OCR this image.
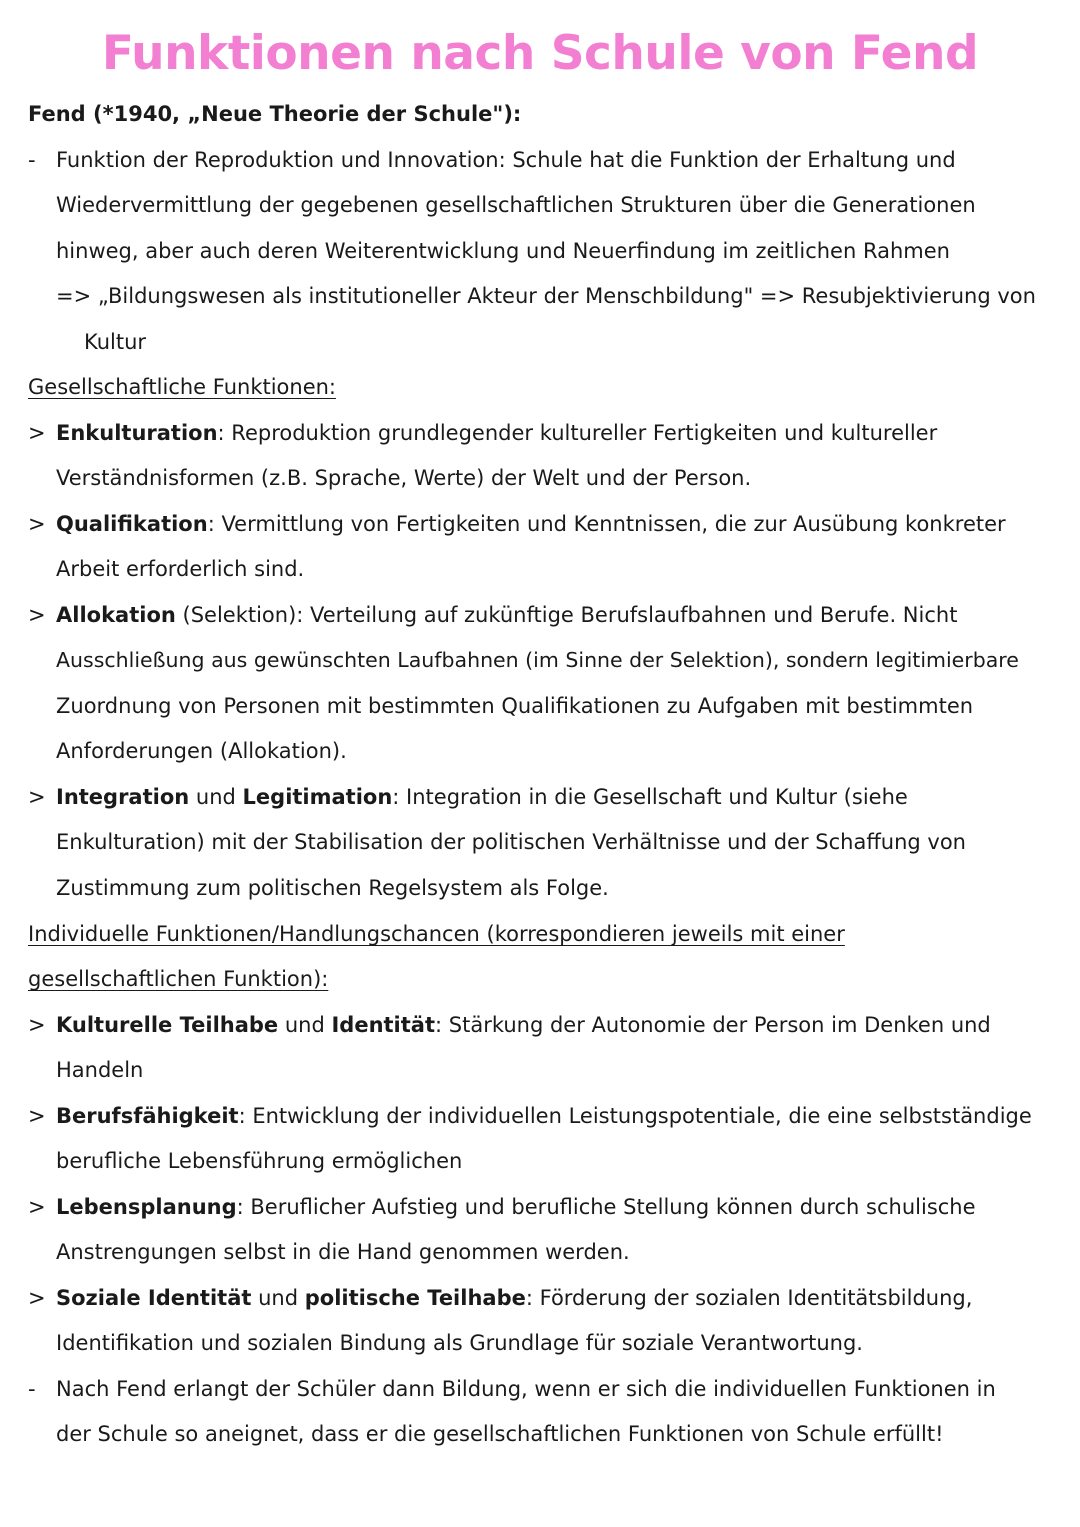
Funktionen nach Schule von Fend
Fend (*1940, „Neue Theorie der Schule"):
- Funktion der Reproduktion und Innovation: Schule hat die Funktion der Erhaltung und
Wiedervermittlung der gegebenen gesellschaftlichen Strukturen über die Generationen
hinweg, aber auch deren Weiterentwicklung und Neuerfindung im zeitlichen Rahmen
=> „Bildungswesen als institutioneller Akteur der Menschbildung" => Resubjektivierung von
Kultur
Gesellschaftliche Funktionen:
> Enkulturation: Reproduktion grundlegender kultureller Fertigkeiten und kultureller
Verständnisformen (z.B. Sprache, Werte) der Welt und der Person.
> Qualifikation: Vermittlung von Fertigkeiten und Kenntnissen, die zur Ausübung konkreter
Arbeit erforderlich sind.
> Allokation (Selektion): Verteilung auf zukünftige Berufslaufbahnen und Berufe. Nicht
Ausschließung aus gewünschten Laufbahnen (im Sinne der Selektion), sondern legitimierbare
Zuordnung von Personen mit bestimmten Qualifikationen zu Aufgaben mit bestimmten
Anforderungen (Allokation).
> Integration und Legitimation: Integration in die Gesellschaft und Kultur (siehe
Enkulturation) mit der Stabilisation der politischen Verhältnisse und der Schaffung von
Zustimmung zum politischen Regelsystem als Folge.
Individuelle Funktionen/Handlungschancen (korrespondieren jeweils mit einer
gesellschaftlichen Funktion):
> Kulturelle Teilhabe und Identität: Stärkung der Autonomie der Person im Denken und
Handeln
> Berufsfähigkeit: Entwicklung der individuellen Leistungspotentiale, die eine selbstständige
berufliche Lebensführung ermöglichen
> Lebensplanung: Beruflicher Aufstieg und berufliche Stellung können durch schulische
Anstrengungen selbst in die Hand genommen werden.
> Soziale Identität und politische Teilhabe: Förderung der sozialen Identitätsbildung,
Identifikation und sozialen Bindung als Grundlage für soziale Verantwortung.
- Nach Fend erlangt der Schüler dann Bildung, wenn er sich die individuellen Funktionen in
der Schule so aneignet, dass er die gesellschaftlichen Funktionen von Schule erfüllt!
